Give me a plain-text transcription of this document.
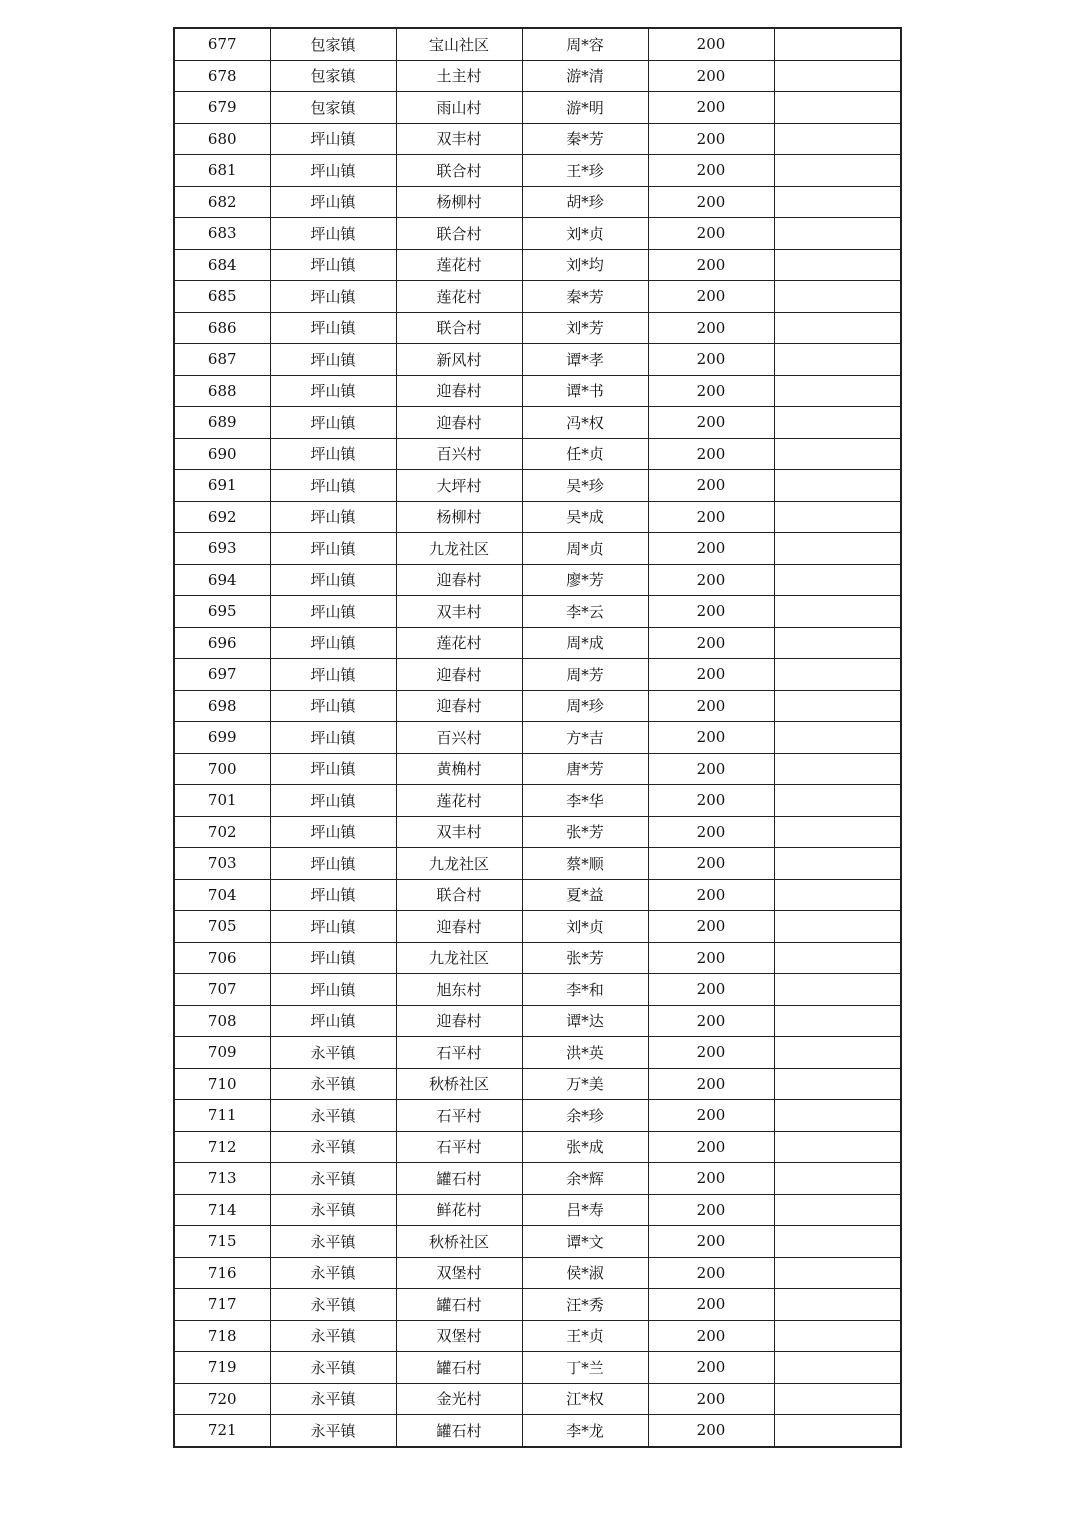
677	包家镇	宝山社区	周*容	200	
678	包家镇	土主村	游*清	200	
679	包家镇	雨山村	游*明	200	
680	坪山镇	双丰村	秦*芳	200	
681	坪山镇	联合村	王*珍	200	
682	坪山镇	杨柳村	胡*珍	200	
683	坪山镇	联合村	刘*贞	200	
684	坪山镇	莲花村	刘*均	200	
685	坪山镇	莲花村	秦*芳	200	
686	坪山镇	联合村	刘*芳	200	
687	坪山镇	新风村	谭*孝	200	
688	坪山镇	迎春村	谭*书	200	
689	坪山镇	迎春村	冯*权	200	
690	坪山镇	百兴村	任*贞	200	
691	坪山镇	大坪村	吴*珍	200	
692	坪山镇	杨柳村	吴*成	200	
693	坪山镇	九龙社区	周*贞	200	
694	坪山镇	迎春村	廖*芳	200	
695	坪山镇	双丰村	李*云	200	
696	坪山镇	莲花村	周*成	200	
697	坪山镇	迎春村	周*芳	200	
698	坪山镇	迎春村	周*珍	200	
699	坪山镇	百兴村	方*吉	200	
700	坪山镇	黄桷村	唐*芳	200	
701	坪山镇	莲花村	李*华	200	
702	坪山镇	双丰村	张*芳	200	
703	坪山镇	九龙社区	蔡*顺	200	
704	坪山镇	联合村	夏*益	200	
705	坪山镇	迎春村	刘*贞	200	
706	坪山镇	九龙社区	张*芳	200	
707	坪山镇	旭东村	李*和	200	
708	坪山镇	迎春村	谭*达	200	
709	永平镇	石平村	洪*英	200	
710	永平镇	秋桥社区	万*美	200	
711	永平镇	石平村	余*珍	200	
712	永平镇	石平村	张*成	200	
713	永平镇	罐石村	余*辉	200	
714	永平镇	鲜花村	吕*寿	200	
715	永平镇	秋桥社区	谭*文	200	
716	永平镇	双堡村	侯*淑	200	
717	永平镇	罐石村	汪*秀	200	
718	永平镇	双堡村	王*贞	200	
719	永平镇	罐石村	丁*兰	200	
720	永平镇	金光村	江*权	200	
721	永平镇	罐石村	李*龙	200	
